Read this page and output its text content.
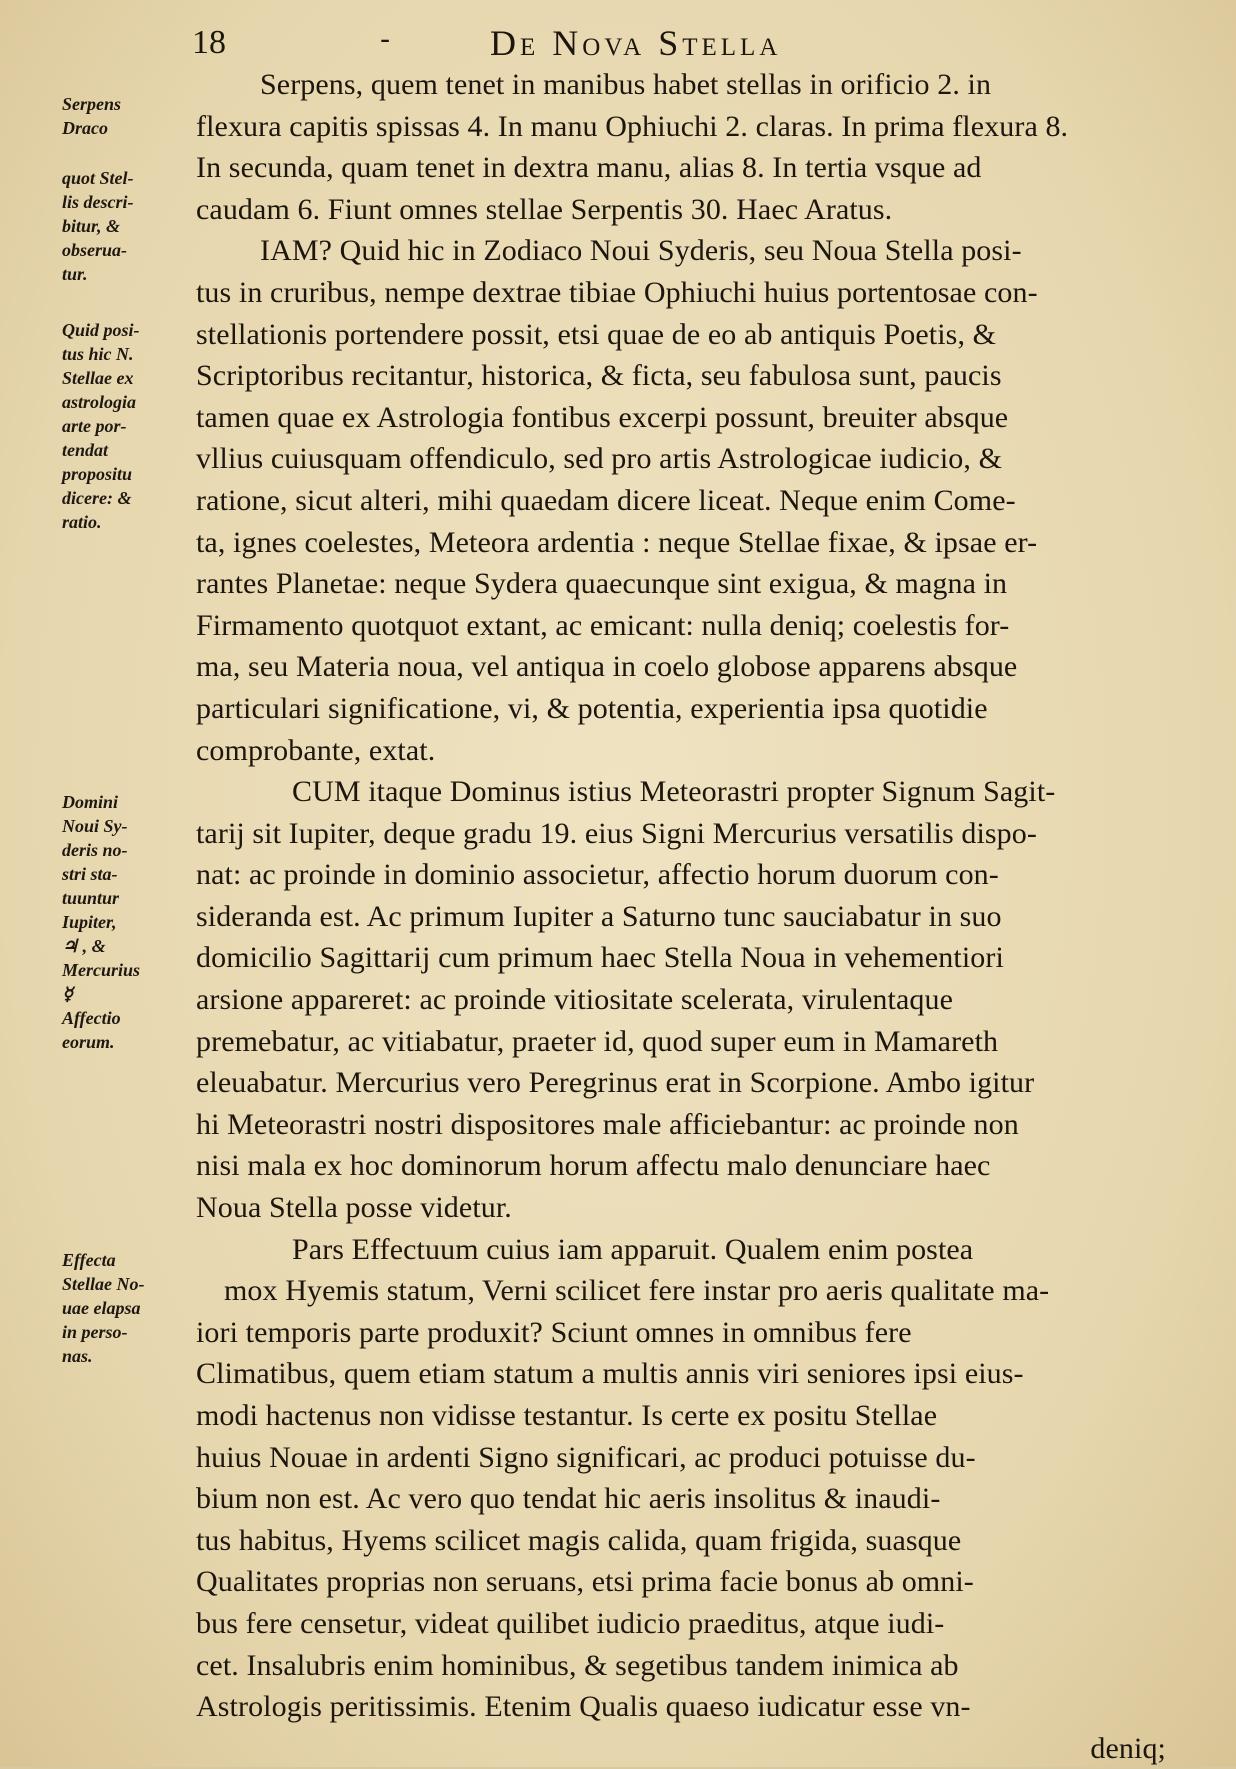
18	-	De Nova Stella
Serpens
Draco
quot Stel-
lis descri-
bitur, &
obserua-
tur.
Quid posi-
tus hic N.
Stellae ex
astrologia
arte por-
tendat
propositu
dicere: &
ratio.
Domini
Noui Sy-
deris no-
stri sta-
tuuntur
Iupiter,
♃ , &
Mercurius
☿
Affectio
eorum.
Effecta
Stellae No-
uae elapsa
in perso-
nas.
Serpens, quem tenet in manibus habet stellas in orificio 2. in
flexura capitis spissas 4. In manu Ophiuchi 2. claras. In prima flexura 8.
In secunda, quam tenet in dextra manu, alias 8. In tertia vsque ad
caudam 6. Fiunt omnes stellae Serpentis 30. Haec Aratus.
IAM? Quid hic in Zodiaco Noui Syderis, seu Noua Stella posi-
tus in cruribus, nempe dextrae tibiae Ophiuchi huius portentosae con-
stellationis portendere possit, etsi quae de eo ab antiquis Poetis, &
Scriptoribus recitantur, historica, & ficta, seu fabulosa sunt, paucis
tamen quae ex Astrologia fontibus excerpi possunt, breuiter absque
vllius cuiusquam offendiculo, sed pro artis Astrologicae iudicio, &
ratione, sicut alteri, mihi quaedam dicere liceat. Neque enim Come-
ta, ignes coelestes, Meteora ardentia : neque Stellae fixae, & ipsae er-
rantes Planetae: neque Sydera quaecunque sint exigua, & magna in
Firmamento quotquot extant, ac emicant: nulla deniq; coelestis for-
ma, seu Materia noua, vel antiqua in coelo globose apparens absque
particulari significatione, vi, & potentia, experientia ipsa quotidie
comprobante, extat.
CUM itaque Dominus istius Meteorastri propter Signum Sagit-
tarij sit Iupiter, deque gradu 19. eius Signi Mercurius versatilis dispo-
nat: ac proinde in dominio associetur, affectio horum duorum con-
sideranda est. Ac primum Iupiter a Saturno tunc sauciabatur in suo
domicilio Sagittarij cum primum haec Stella Noua in vehementiori
arsione appareret: ac proinde vitiositate scelerata, virulentaque
premebatur, ac vitiabatur, praeter id, quod super eum in Mamareth
eleuabatur. Mercurius vero Peregrinus erat in Scorpione. Ambo igitur
hi Meteorastri nostri dispositores male afficiebantur: ac proinde non
nisi mala ex hoc dominorum horum affectu malo denunciare haec
Noua Stella posse videtur.
Pars Effectuum cuius iam apparuit. Qualem enim postea
mox Hyemis statum, Verni scilicet fere instar pro aeris qualitate ma-
iori temporis parte produxit? Sciunt omnes in omnibus fere
Climatibus, quem etiam statum a multis annis viri seniores ipsi eius-
modi hactenus non vidisse testantur. Is certe ex positu Stellae
huius Nouae in ardenti Signo significari, ac produci potuisse du-
bium non est. Ac vero quo tendat hic aeris insolitus & inaudi-
tus habitus, Hyems scilicet magis calida, quam frigida, suasque
Qualitates proprias non seruans, etsi prima facie bonus ab omni-
bus fere censetur, videat quilibet iudicio praeditus, atque iudi-
cet. Insalubris enim hominibus, & segetibus tandem inimica ab
Astrologis peritissimis. Etenim Qualis quaeso iudicatur esse vn-
deniq;
